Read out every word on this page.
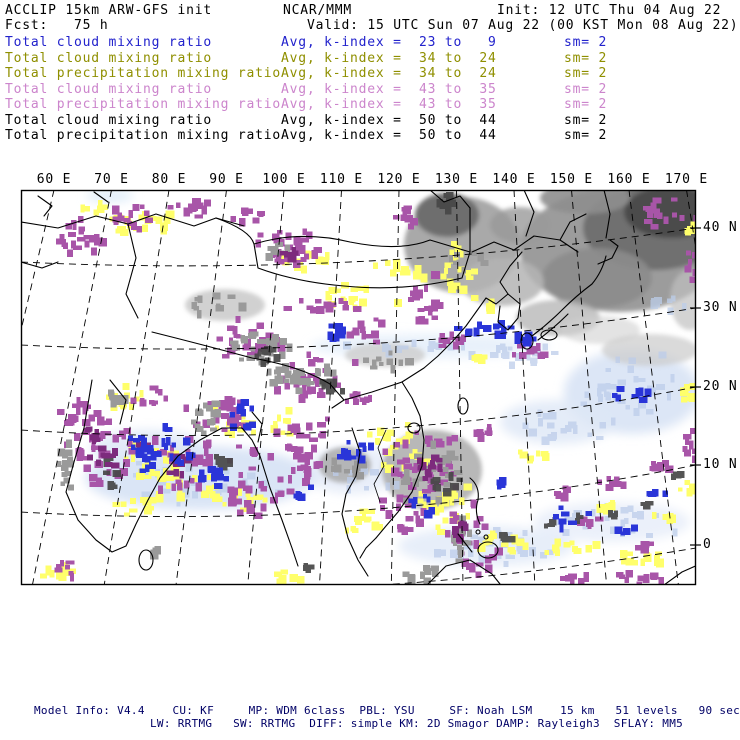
ACCLIP 15km ARW-GFS init	NCAR/MMM	Init: 12 UTC Thu 04 Aug 22
Fcst:   75 h	Valid: 15 UTC Sun 07 Aug 22 (00 KST Mon 08 Aug 22)
Total cloud mixing ratio	Avg, k-index =  23 to   9	sm= 2
Total cloud mixing ratio	Avg, k-index =  34 to  24	sm= 2
Total precipitation mixing ratio Avg, k-index =  34 to  24	sm= 2
Total cloud mixing ratio	Avg, k-index =  43 to  35	sm= 2
Total precipitation mixing ratio Avg, k-index =  43 to  35	sm= 2
Total cloud mixing ratio	Avg, k-index =  50 to  44	sm= 2
Total precipitation mixing ratio Avg, k-index =  50 to  44	sm= 2
60 E 70 E 80 E 90 E 100 E 110 E 120 E 130 E 140 E 150 E 160 E 170 E
40 N
30 N
20 N
10 N
0
Model Info: V4.4    CU: KF     MP: WDM 6class  PBL: YSU     SF: Noah LSM    15 km   51 levels   90 sec
LW: RRTMG   SW: RRTMG  DIFF: simple KM: 2D Smagor DAMP: Rayleigh3  SFLAY: MM5
